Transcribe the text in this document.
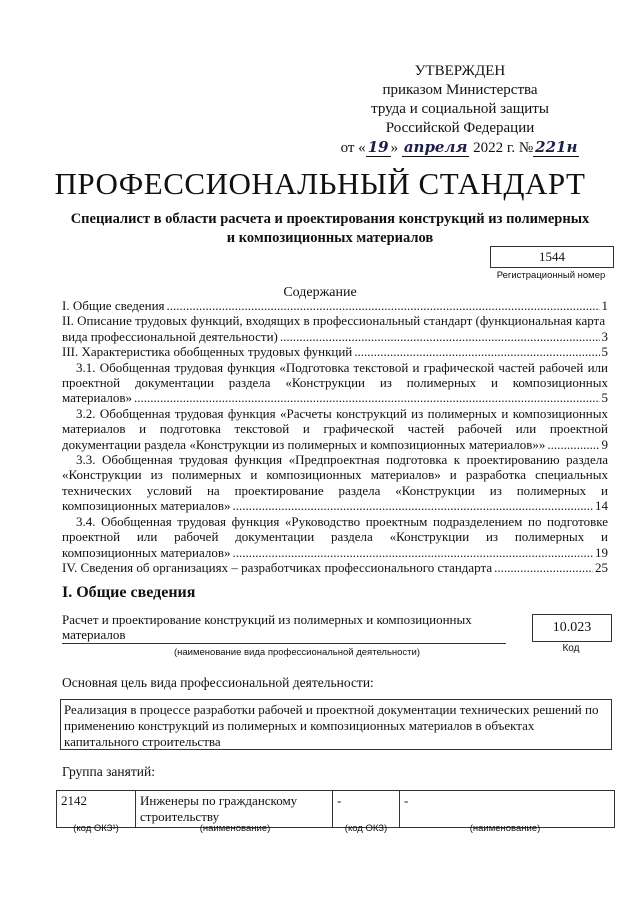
УТВЕРЖДЕН
приказом Министерства
труда и социальной защиты
Российской Федерации
от « 19 » апреля 2022 г. № 221н
ПРОФЕССИОНАЛЬНЫЙ СТАНДАРТ
Специалист в области расчета и проектирования конструкций из полимерных
и композиционных материалов
1544
Регистрационный номер
Содержание
I. Общие сведения .....	1
II. Описание трудовых функций, входящих в профессиональный стандарт (функциональная карта
вида профессиональной деятельности) .....	3
III. Характеристика обобщенных трудовых функций .....	5
3.1. Обобщенная трудовая функция «Подготовка текстовой и графической частей рабочей или
проектной документации раздела «Конструкции из полимерных и композиционных
материалов» .....	5
3.2. Обобщенная трудовая функция «Расчеты конструкций из полимерных и композиционных
материалов и подготовка текстовой и графической частей рабочей или проектной
документации раздела «Конструкции из полимерных и композиционных материалов»» .....	9
3.3. Обобщенная трудовая функция «Предпроектная подготовка к проектированию раздела
«Конструкции из полимерных и композиционных материалов» и разработка специальных
технических условий на проектирование раздела «Конструкции из полимерных и
композиционных материалов» .....	14
3.4. Обобщенная трудовая функция «Руководство проектным подразделением по подготовке
проектной или рабочей документации раздела «Конструкции из полимерных и
композиционных материалов» .....	19
IV. Сведения об организациях – разработчиках профессионального стандарта .....	25
I. Общие сведения
Расчет и проектирование конструкций из полимерных и композиционных
материалов
(наименование вида профессиональной деятельности)
10.023
Код
Основная цель вида профессиональной деятельности:
Реализация в процессе разработки рабочей и проектной документации технических решений по применению конструкций из полимерных и композиционных материалов в объектах капитального строительства
Группа занятий:
2142	Инженеры по гражданскому строительству	-	-
(код ОКЗ¹)	(наименование)	(код ОКЗ)	(наименование)
